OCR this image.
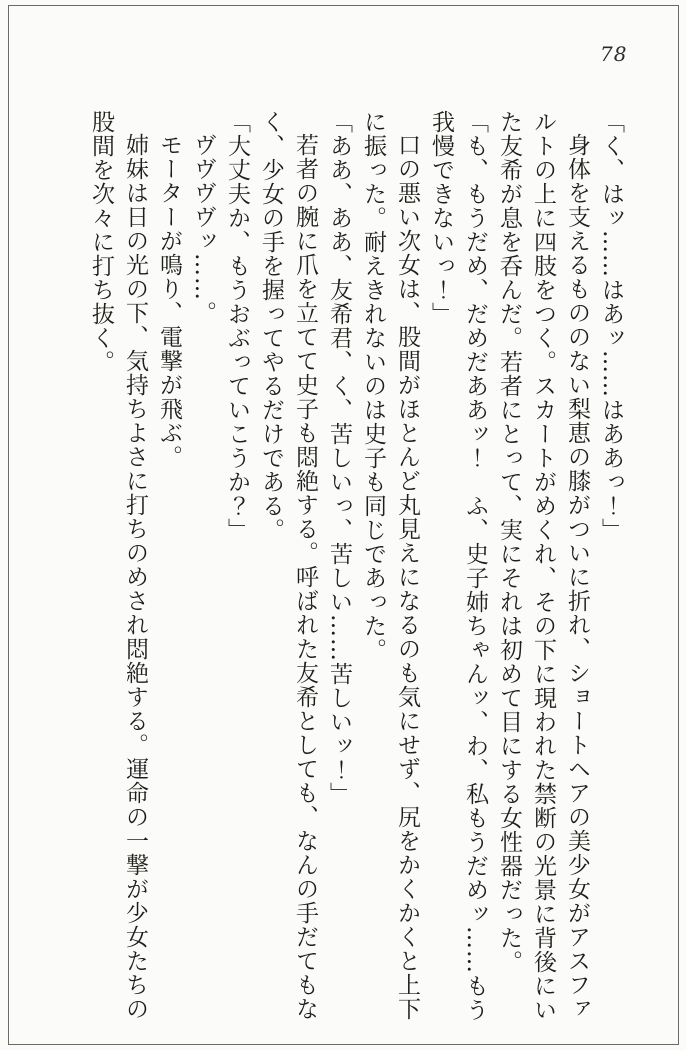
78

「く、はッ……はあッ……はああっ！」

身体を支えるもののない梨恵の膝がついに折れ、ショートヘアの美少女がアスファルトの上に四肢をつく。スカートがめくれ、その下に現われた禁断の光景に背後にいた友希が息を呑んだ。若者にとって、実にそれは初めて目にする女性器だった。

「も、もうだめ、だめだああッ！　ふ、史子姉ちゃんッ、わ、私もうだめッ……もう我慢できないっ！」

口の悪い次女は、股間がほとんど丸見えになるのも気にせず、尻をかくかくと上下に振った。耐えきれないのは史子も同じであった。

「ああ、ああ、友希君、く、苦しいっ、苦しい……苦しいッ！」

若者の腕に爪を立てて史子も悶絶する。呼ばれた友希としても、なんの手だてもなく、少女の手を握ってやるだけである。

「大丈夫か、もうおぶっていこうか？」

ヴヴヴヴッ……。

モーターが鳴り、電撃が飛ぶ。

姉妹は日の光の下、気持ちよさに打ちのめされ悶絶する。運命の一撃が少女たちの股間を次々に打ち抜く。
